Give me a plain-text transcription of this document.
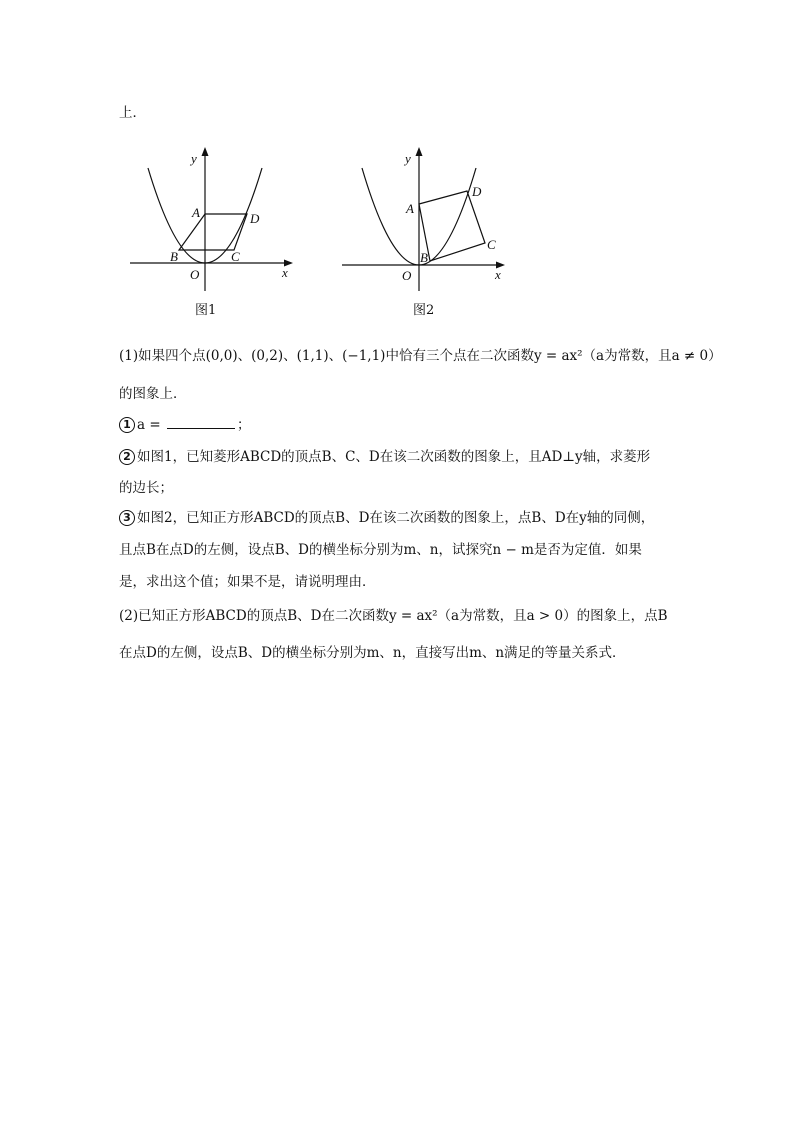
上．
y
x
O
A
B	C
D
图1
y
x
O
A
B
C
D
图2
(1)如果四个点(0,0)、(0,2)、(1,1)、(−1,1)中恰有三个点在二次函数y = ax²（a为常数，且a ≠ 0）
的图象上．
1 a =	；
2 如图1，已知菱形ABCD的顶点B、C、D在该二次函数的图象上，且AD⊥y轴，求菱形
的边长；
3 如图2，已知正方形ABCD的顶点B、D在该二次函数的图象上，点B、D在y轴的同侧，
且点B在点D的左侧，设点B、D的横坐标分别为m、n，试探究n − m是否为定值．如果
是，求出这个值；如果不是，请说明理由．
(2)已知正方形ABCD的顶点B、D在二次函数y = ax²（a为常数，且a > 0）的图象上，点B
在点D的左侧，设点B、D的横坐标分别为m、n，直接写出m、n满足的等量关系式．
